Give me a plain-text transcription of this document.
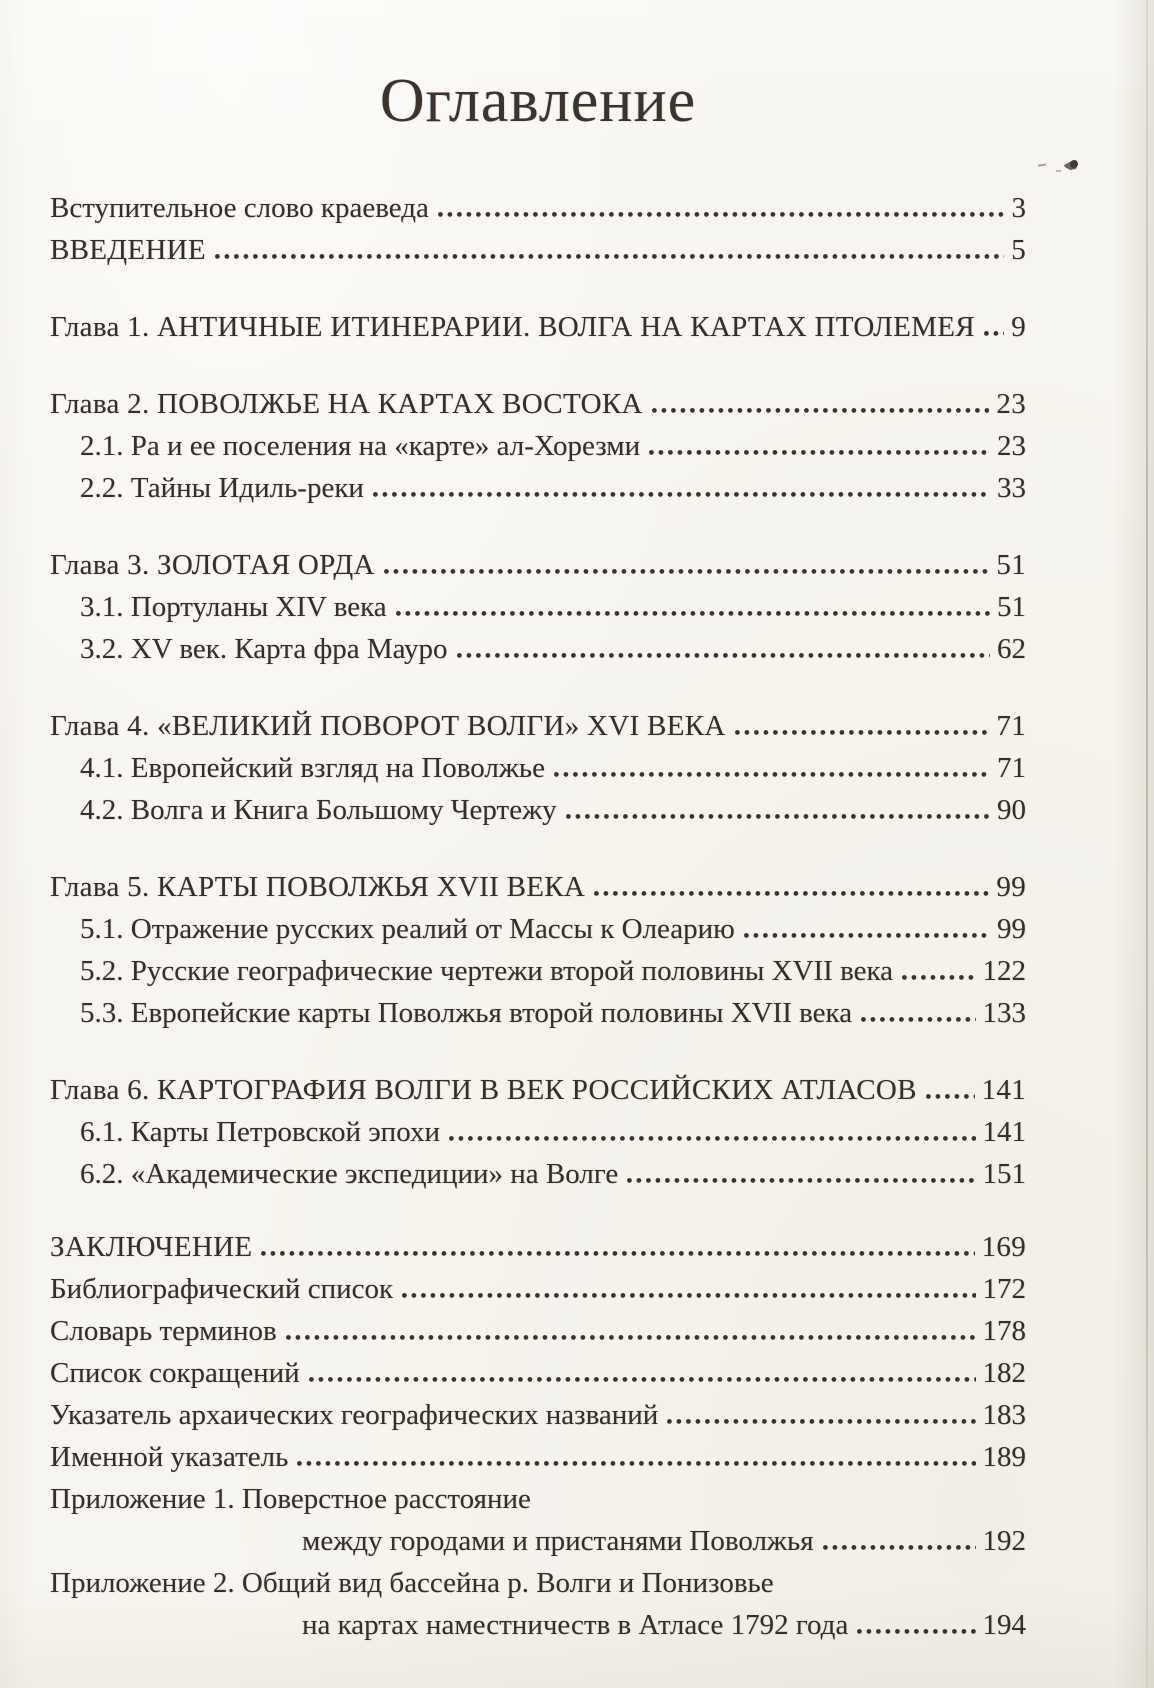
Оглавление
Вступительное слово краеведа	3
ВВЕДЕНИЕ	5
Глава 1. АНТИЧНЫЕ ИТИНЕРАРИИ. ВОЛГА НА КАРТАХ ПТОЛЕМЕЯ 9
Глава 2. ПОВОЛЖЬЕ НА КАРТАХ ВОСТОКА	23
2.1. Ра и ее поселения на «карте» ал-Хорезми	23
2.2. Тайны Идиль-реки	33
Глава 3. ЗОЛОТАЯ ОРДА	51
3.1. Портуланы XIV века	51
3.2. XV век. Карта фра Мауро	62
Глава 4. «ВЕЛИКИЙ ПОВОРОТ ВОЛГИ» XVI ВЕКА	71
4.1. Европейский взгляд на Поволжье	71
4.2. Волга и Книга Большому Чертежу	90
Глава 5. КАРТЫ ПОВОЛЖЬЯ XVII ВЕКА	99
5.1. Отражение русских реалий от Массы к Олеарию	99
5.2. Русские географические чертежи второй половины XVII века	122
5.3. Европейские карты Поволжья второй половины XVII века	133
Глава 6. КАРТОГРАФИЯ ВОЛГИ В ВЕК РОССИЙСКИХ АТЛАСОВ 141
6.1. Карты Петровской эпохи	141
6.2. «Академические экспедиции» на Волге	151
ЗАКЛЮЧЕНИЕ	169
Библиографический список	172
Словарь терминов	178
Список сокращений	182
Указатель архаических географических названий	183
Именной указатель	189
Приложение 1. Поверстное расстояние
между городами и пристанями Поволжья	192
Приложение 2. Общий вид бассейна р. Волги и Понизовье
на картах наместничеств в Атласе 1792 года	194
